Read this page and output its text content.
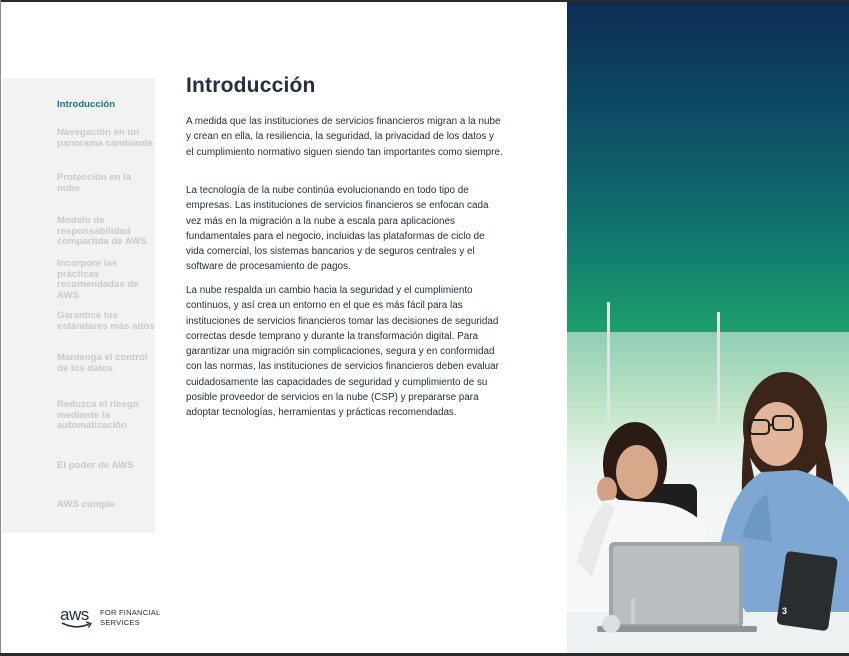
Introducción
Navegación en un panorama cambiante
Protección en la nube
Modelo de responsabilidad compartida de AWS
Incorpore las prácticas recomendadas de AWS
Garantice los estándares más altos
Mantenga el control de los datos
Reduzca el riesgo mediante la automatización
El poder de AWS
AWS cumple
Introducción

A medida que las instituciones de servicios financieros migran a la nube y crean en ella, la resiliencia, la seguridad, la privacidad de los datos y el cumplimiento normativo siguen siendo tan importantes como siempre.

La tecnología de la nube continúa evolucionando en todo tipo de empresas. Las instituciones de servicios financieros se enfocan cada vez más en la migración a la nube a escala para aplicaciones fundamentales para el negocio, incluidas las plataformas de ciclo de vida comercial, los sistemas bancarios y de seguros centrales y el software de procesamiento de pagos.

La nube respalda un cambio hacia la seguridad y el cumplimiento continuos, y así crea un entorno en el que es más fácil para las instituciones de servicios financieros tomar las decisiones de seguridad correctas desde temprano y durante la transformación digital. Para garantizar una migración sin complicaciones, segura y en conformidad con las normas, las instituciones de servicios financieros deben evaluar cuidadosamente las capacidades de seguridad y cumplimiento de su posible proveedor de servicios en la nube (CSP) y prepararse para adoptar tecnologías, herramientas y prácticas recomendadas.

aws FOR FINANCIAL SERVICES
3
